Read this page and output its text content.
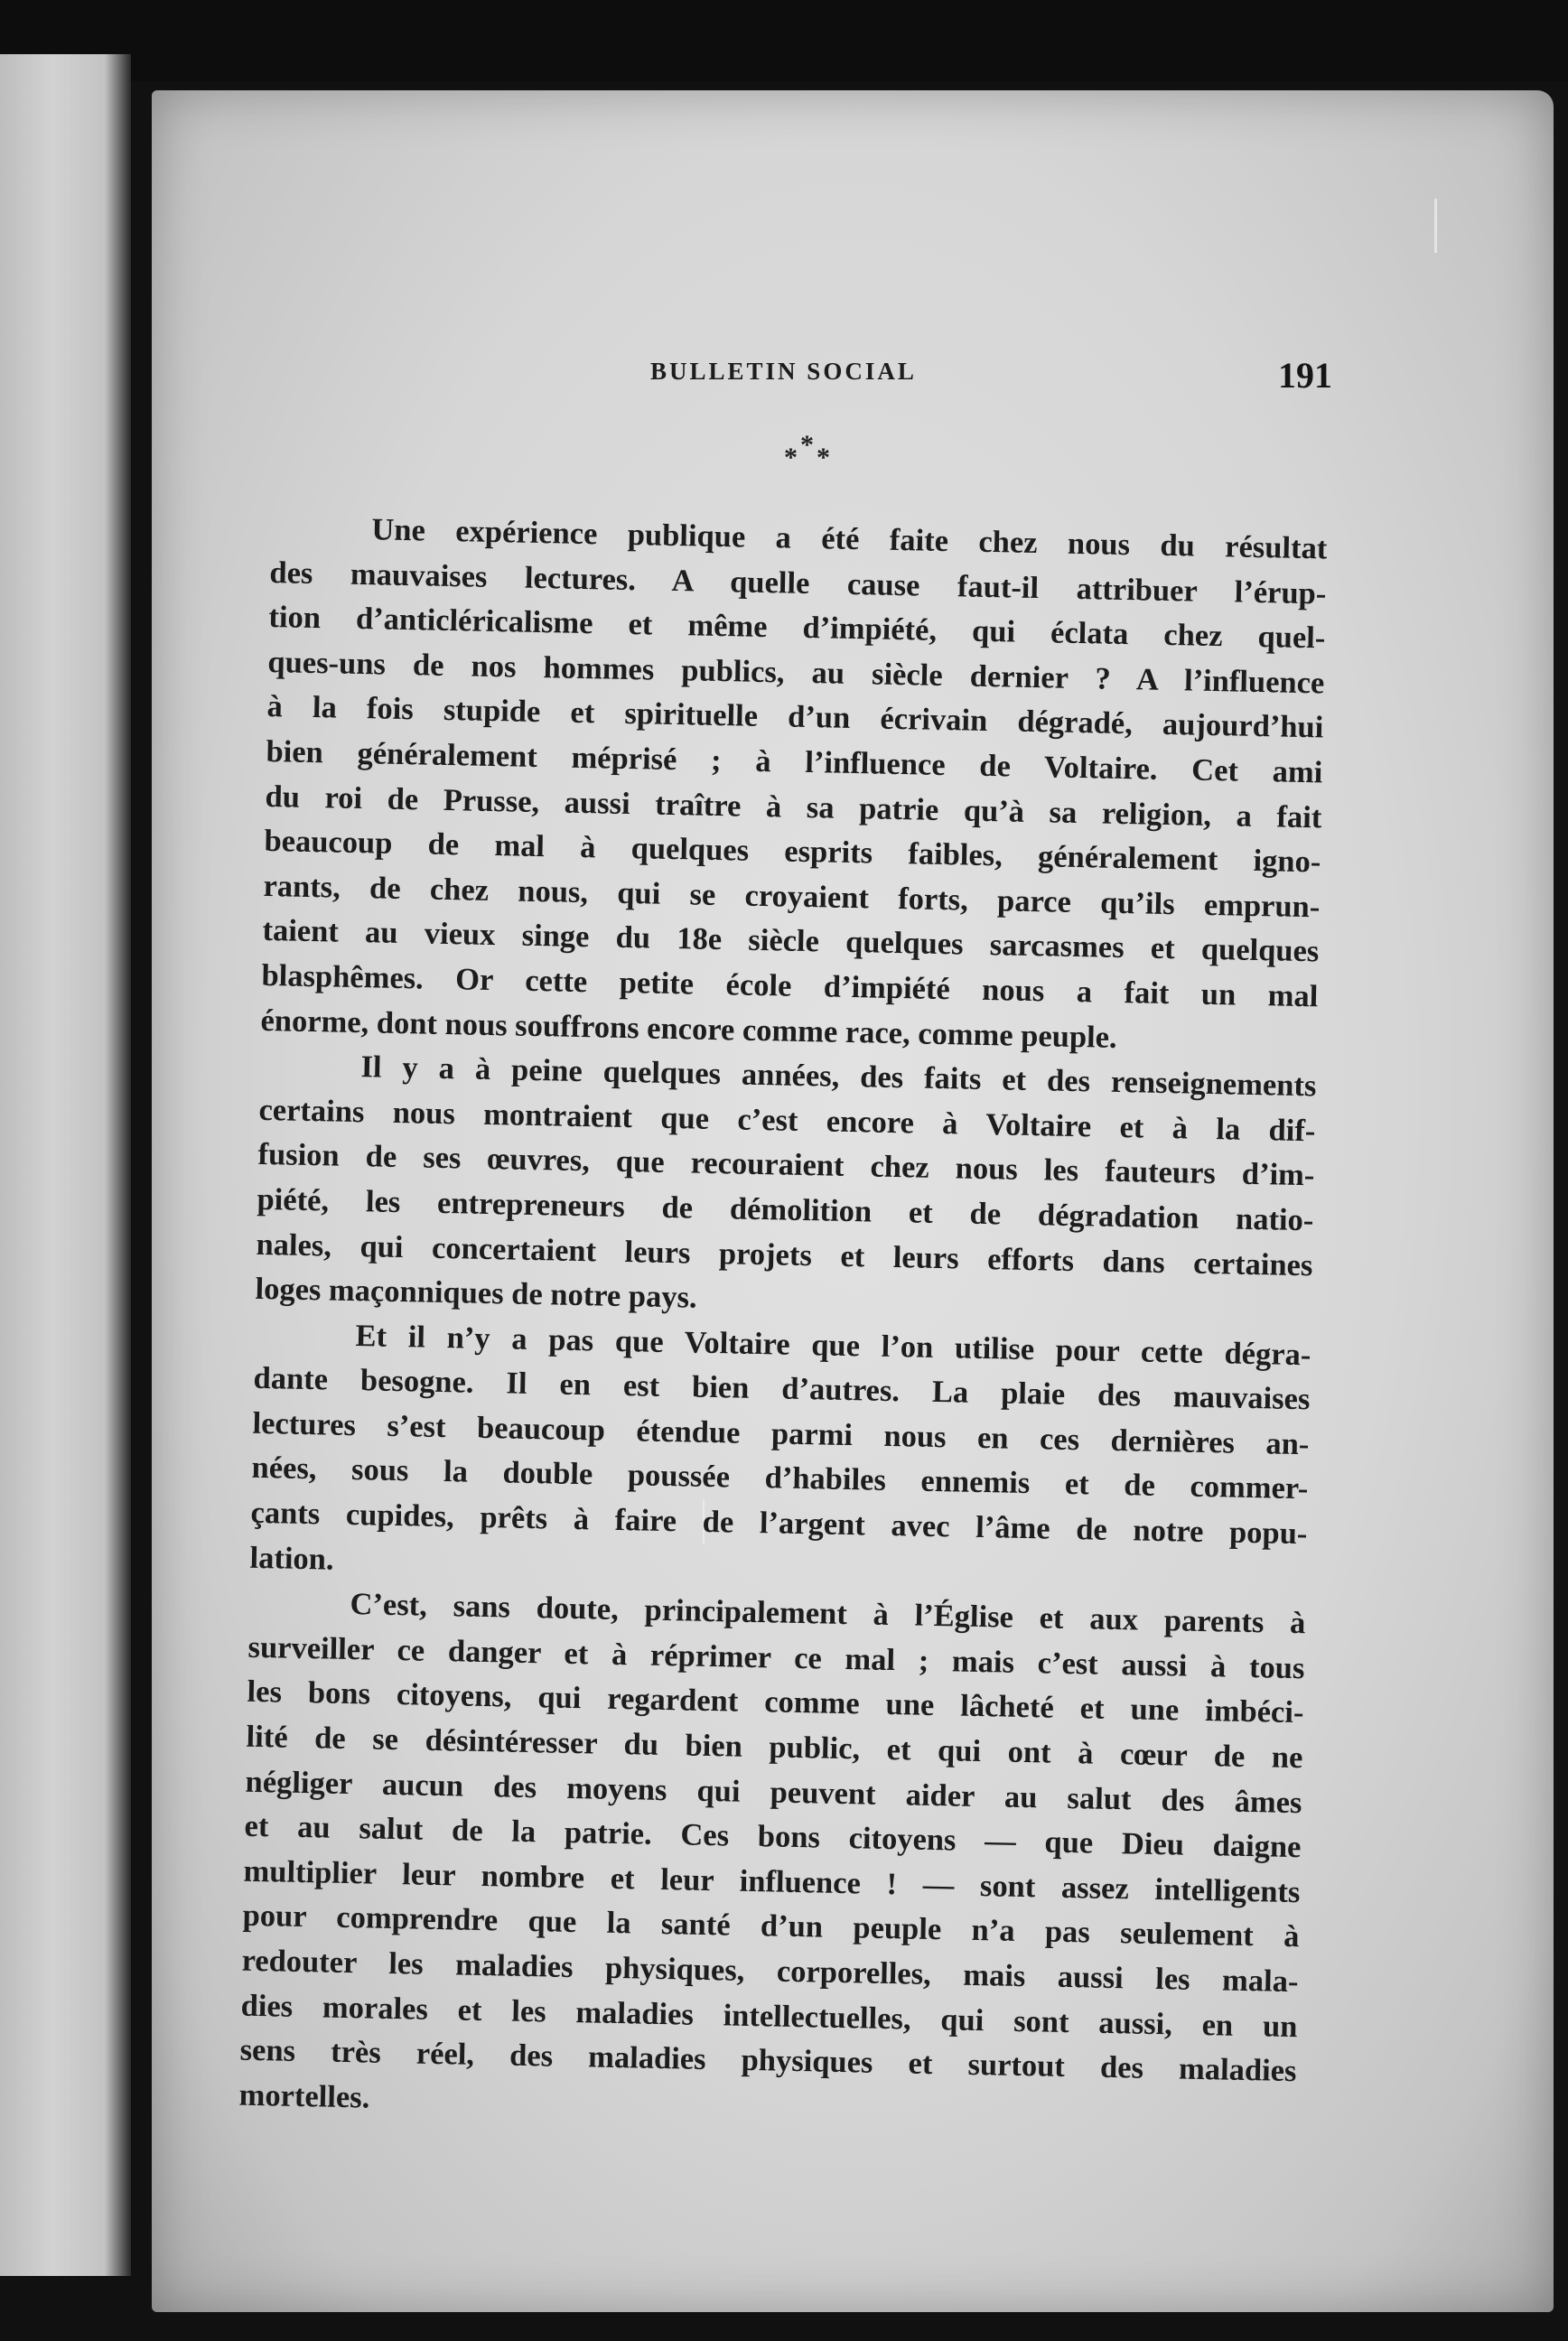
BULLETIN SOCIAL	191
* * *
Une expérience publique a été faite chez nous du résultat
des mauvaises lectures. A quelle cause faut-il attribuer l’érup-
tion d’anticléricalisme et même d’impiété, qui éclata chez quel-
ques-uns de nos hommes publics, au siècle dernier ? A l’influence
à la fois stupide et spirituelle d’un écrivain dégradé, aujourd’hui
bien généralement méprisé ; à l’influence de Voltaire. Cet ami
du roi de Prusse, aussi traître à sa patrie qu’à sa religion, a fait
beaucoup de mal à quelques esprits faibles, généralement igno-
rants, de chez nous, qui se croyaient forts, parce qu’ils emprun-
taient au vieux singe du 18e siècle quelques sarcasmes et quelques
blasphêmes. Or cette petite école d’impiété nous a fait un mal
énorme, dont nous souffrons encore comme race, comme peuple.
Il y a à peine quelques années, des faits et des renseignements
certains nous montraient que c’est encore à Voltaire et à la dif-
fusion de ses œuvres, que recouraient chez nous les fauteurs d’im-
piété, les entrepreneurs de démolition et de dégradation natio-
nales, qui concertaient leurs projets et leurs efforts dans certaines
loges maçonniques de notre pays.
Et il n’y a pas que Voltaire que l’on utilise pour cette dégra-
dante besogne. Il en est bien d’autres. La plaie des mauvaises
lectures s’est beaucoup étendue parmi nous en ces dernières an-
nées, sous la double poussée d’habiles ennemis et de commer-
çants cupides, prêts à faire de l’argent avec l’âme de notre popu-
lation.
C’est, sans doute, principalement à l’Église et aux parents à
surveiller ce danger et à réprimer ce mal ; mais c’est aussi à tous
les bons citoyens, qui regardent comme une lâcheté et une imbéci-
lité de se désintéresser du bien public, et qui ont à cœur de ne
négliger aucun des moyens qui peuvent aider au salut des âmes
et au salut de la patrie. Ces bons citoyens — que Dieu daigne
multiplier leur nombre et leur influence ! — sont assez intelligents
pour comprendre que la santé d’un peuple n’a pas seulement à
redouter les maladies physiques, corporelles, mais aussi les mala-
dies morales et les maladies intellectuelles, qui sont aussi, en un
sens très réel, des maladies physiques et surtout des maladies
mortelles.
